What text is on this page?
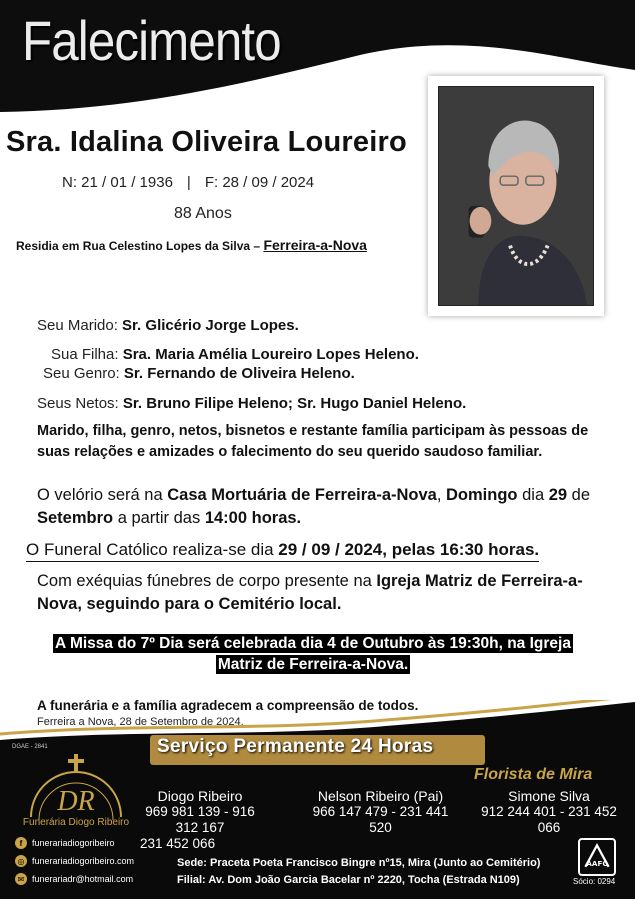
Falecimento
Sra. Idalina Oliveira Loureiro
N: 21 / 01 / 1936 | F: 28 / 09 / 2024
88 Anos
Residia em Rua Celestino Lopes da Silva – Ferreira-a-Nova
Seu Marido: Sr. Glicério Jorge Lopes.
Sua Filha: Sra. Maria Amélia Loureiro Lopes Heleno.
Seu Genro: Sr. Fernando de Oliveira Heleno.
Seus Netos: Sr. Bruno Filipe Heleno; Sr. Hugo Daniel Heleno.
Marido, filha, genro, netos, bisnetos e restante família participam às pessoas de suas relações e amizades o falecimento do seu querido saudoso familiar.
O velório será na Casa Mortuária de Ferreira-a-Nova, Domingo dia 29 de Setembro a partir das 14:00 horas.
O Funeral Católico realiza-se dia 29 / 09 / 2024, pelas 16:30 horas.
Com exéquias fúnebres de corpo presente na Igreja Matriz de Ferreira-a-Nova, seguindo para o Cemitério local.
A Missa do 7º Dia será celebrada dia 4 de Outubro às 19:30h, na Igreja
Matriz de Ferreira-a-Nova.
A funerária e a família agradecem a compreensão de todos.
Ferreira a Nova, 28 de Setembro de 2024.
DGAE - 2841	Serviço Permanente 24 Horas
Florista de Mira
DR
Funerária Diogo Ribeiro
Diogo Ribeiro
969 981 139 - 916 312 167
231 452 066
Nelson Ribeiro (Pai)
966 147 479 - 231 441 520
Simone Silva
912 244 401 - 231 452 066
f	funerariadiogoribeiro
◎ funerariadiogoribeiro.com
✉ funerariadr@hotmail.com
Sede: Praceta Poeta Francisco Bingre nº15, Mira (Junto ao Cemitério)
Filial: Av. Dom João Garcia Bacelar nº 2220, Tocha (Estrada N109)
AAFC
Sócio: 0294
